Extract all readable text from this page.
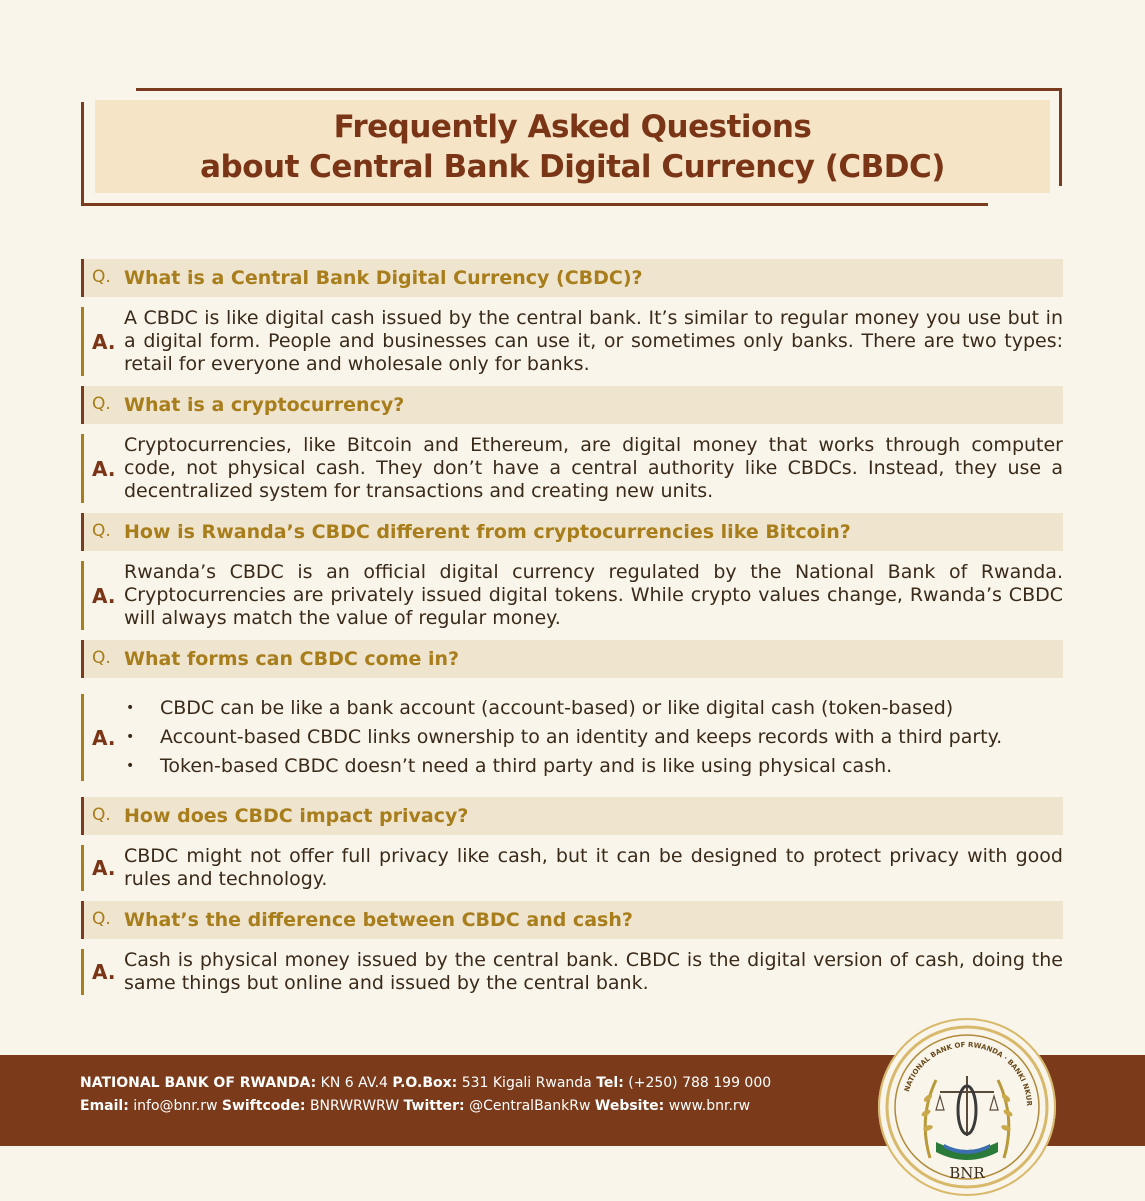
Frequently Asked Questions
about Central Bank Digital Currency (CBDC)
Q. What is a Central Bank Digital Currency (CBDC)?
A.
A CBDC is like digital cash issued by the central bank. It’s similar to regular money you use but in a digital form. People and businesses can use it, or sometimes only banks. There are two types: retail for everyone and wholesale only for banks.
Q. What is a cryptocurrency?
A.
Cryptocurrencies, like Bitcoin and Ethereum, are digital money that works through computer code, not physical cash. They don’t have a central authority like CBDCs. Instead, they use a decentralized system for transactions and creating new units.
Q. How is Rwanda’s CBDC different from cryptocurrencies like Bitcoin?
A.
Rwanda’s CBDC is an official digital currency regulated by the National Bank of Rwanda. Cryptocurrencies are privately issued digital tokens. While crypto values change, Rwanda’s CBDC will always match the value of regular money.
Q. What forms can CBDC come in?
A.
• CBDC can be like a bank account (account-based) or like digital cash (token-based)
• Account-based CBDC links ownership to an identity and keeps records with a third party.
• Token-based CBDC doesn’t need a third party and is like using physical cash.
Q. How does CBDC impact privacy?
A. CBDC might not offer full privacy like cash, but it can be designed to protect privacy with good rules and technology.
Q. What’s the difference between CBDC and cash?
A. Cash is physical money issued by the central bank. CBDC is the digital version of cash, doing the same things but online and issued by the central bank.
NATIONAL BANK OF RWANDA: KN 6 AV.4 P.O.Box: 531 Kigali Rwanda Tel: (+250) 788 199 000
Email: info@bnr.rw Swiftcode: BNRWRWRW Twitter: @CentralBankRw Website: www.bnr.rw
NATIONAL BANK OF RWANDA · BANKI NKUR
BNR
